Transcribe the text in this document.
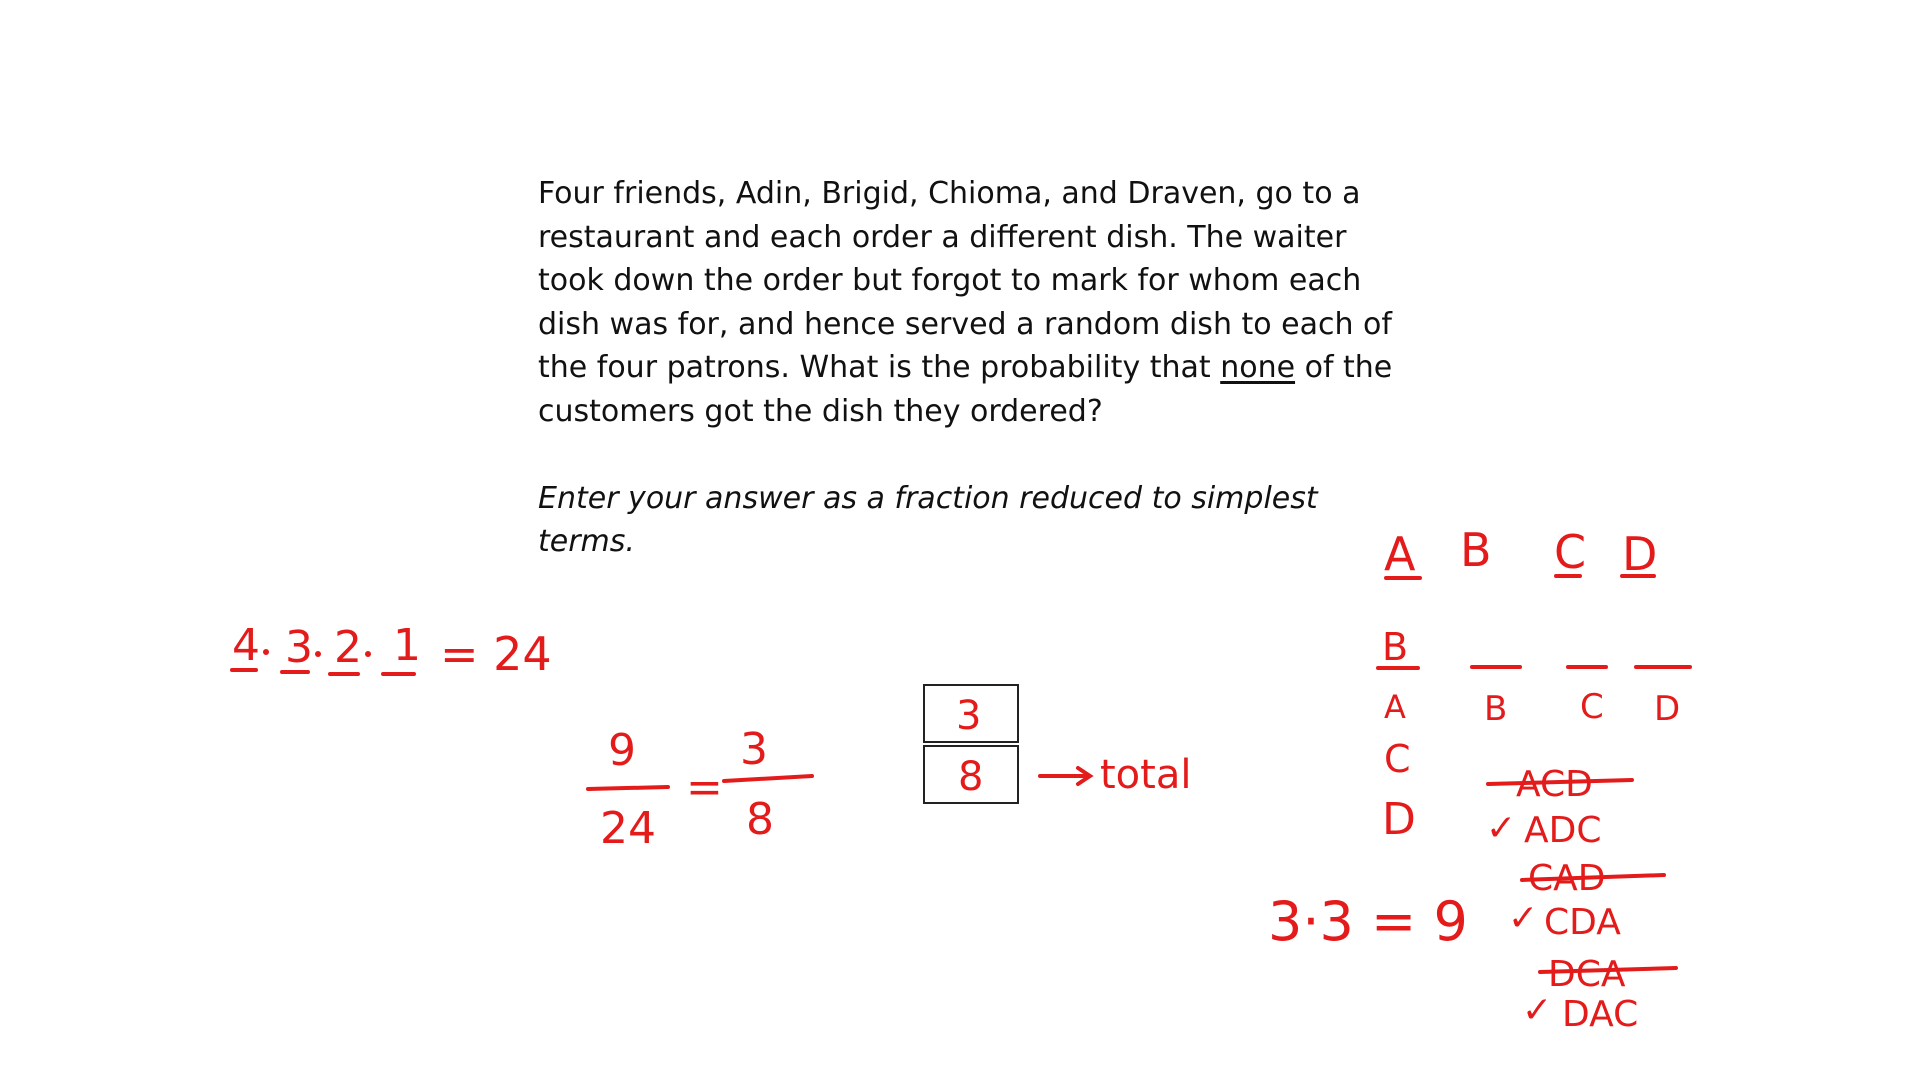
Four friends, Adin, Brigid, Chioma, and Draven, go to a

restaurant and each order a different dish. The waiter

took down the order but forgot to mark for whom each

dish was for, and hence served a random dish to each of

the four patrons. What is the probability that none of the

customers got the dish they ordered?

Enter your answer as a fraction reduced to simplest terms.

4 3 2 1 = 24
9
24
=
3
8
3
8	total
3·3 = 9
A B C D
B
A
C
D
B C D
ACD
✓ ADC
CAD
✓ CDA
DCA
✓ DAC
